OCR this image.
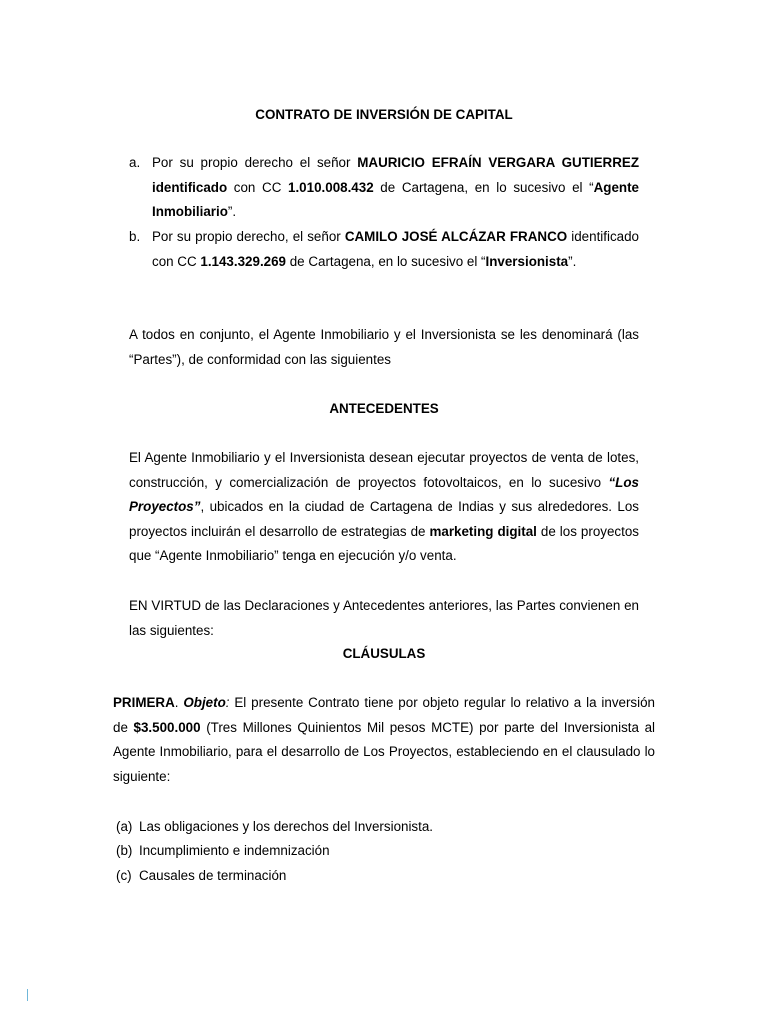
CONTRATO DE INVERSIÓN DE CAPITAL
a. Por su propio derecho el señor MAURICIO EFRAÍN VERGARA GUTIERREZ identificado con CC 1.010.008.432 de Cartagena, en lo sucesivo el “Agente Inmobiliario”.
b. Por su propio derecho, el señor CAMILO JOSÉ ALCÁZAR FRANCO identificado con CC 1.143.329.269 de Cartagena, en lo sucesivo el “Inversionista”.
A todos en conjunto, el Agente Inmobiliario y el Inversionista se les denominará (las “Partes”), de conformidad con las siguientes
ANTECEDENTES
El Agente Inmobiliario y el Inversionista desean ejecutar proyectos de venta de lotes, construcción, y comercialización de proyectos fotovoltaicos, en lo sucesivo “Los Proyectos”, ubicados en la ciudad de Cartagena de Indias y sus alrededores. Los proyectos incluirán el desarrollo de estrategias de marketing digital de los proyectos que “Agente Inmobiliario” tenga en ejecución y/o venta.
EN VIRTUD de las Declaraciones y Antecedentes anteriores, las Partes convienen en las siguientes:
CLÁUSULAS
PRIMERA. Objeto: El presente Contrato tiene por objeto regular lo relativo a la inversión de $3.500.000 (Tres Millones Quinientos Mil pesos MCTE) por parte del Inversionista al Agente Inmobiliario, para el desarrollo de Los Proyectos, estableciendo en el clausulado lo siguiente:
(a) Las obligaciones y los derechos del Inversionista.
(b) Incumplimiento e indemnización
(c) Causales de terminación
